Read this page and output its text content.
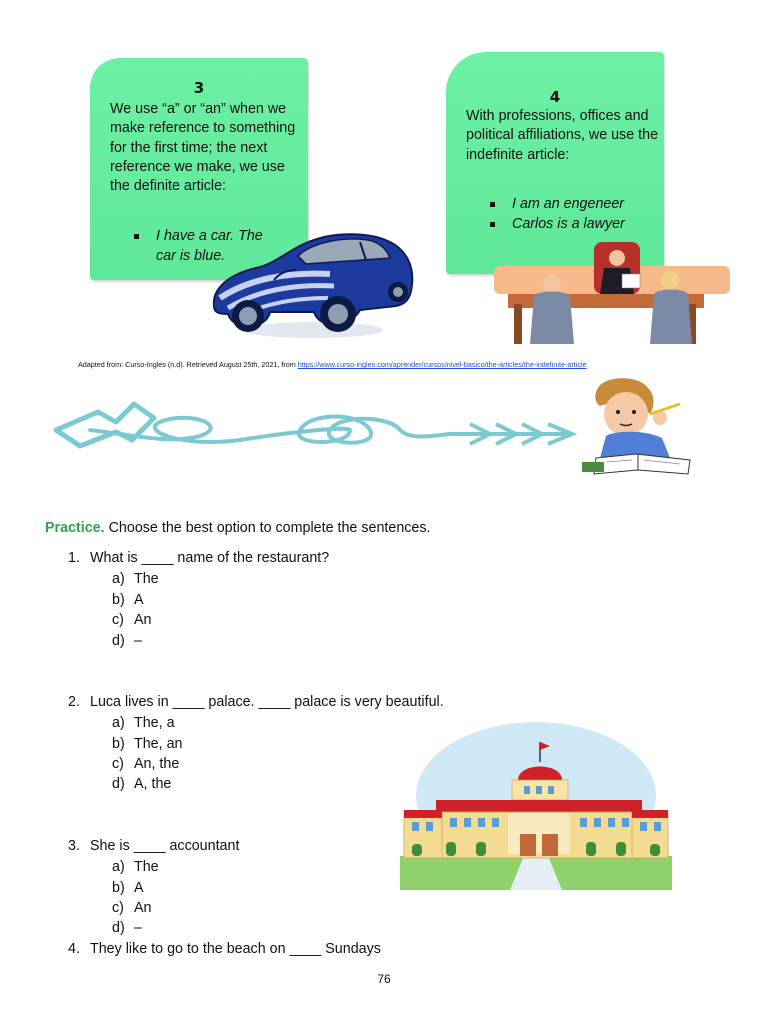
3
We use “a” or “an” when we make reference to something for the first time; the next reference we make, we use the definite article:
I have a car. The car is blue.
4
With professions, offices and political affiliations, we use the indefinite article:
I am an engeneer
Carlos is a lawyer
Adapted from: Curso-Ingles (n.d). Retrieved August 25th, 2021, from https://www.curso-ingles.com/aprender/cursos/nivel-basico/the-articles/the-indefinite-article
Practice. Choose the best option to complete the sentences.
1. What is ____ name of the restaurant?
a) The
b) A
c) An
d) –
2. Luca lives in ____ palace. ____ palace is very beautiful.
a) The, a
b) The, an
c) An, the
d) A, the
3. She is ____ accountant
a) The
b) A
c) An
d) –
4. They like to go to the beach on ____ Sundays
76
